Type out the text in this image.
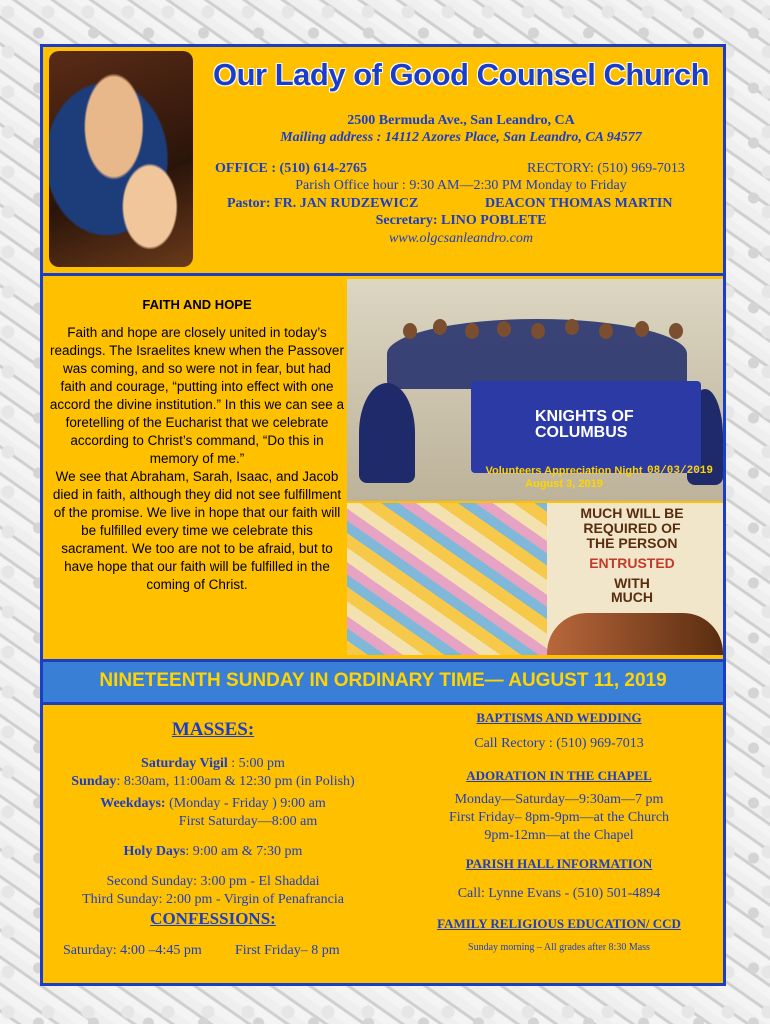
Our Lady of Good Counsel Church
2500 Bermuda Ave., San Leandro, CA
Mailing address : 14112 Azores Place, San Leandro, CA 94577
OFFICE : (510) 614-2765	RECTORY: (510) 969-7013
Parish Office hour : 9:30 AM—2:30 PM Monday to Friday
Pastor: FR. JAN RUDZEWICZ	DEACON THOMAS MARTIN
Secretary: LINO POBLETE
www.olgcsanleandro.com
FAITH AND HOPE

Faith and hope are closely united in today’s readings. The Israelites knew when the Passover was coming, and so were not in fear, but had faith and courage, “putting into effect with one accord the divine institution.” In this we can see a foretelling of the Eucharist that we celebrate according to Christ’s command, “Do this in memory of me.”

We see that Abraham, Sarah, Isaac, and Jacob died in faith, although they did not see fulfillment of the promise. We live in hope that our faith will be fulfilled every time we celebrate this sacrament. We too are not to be afraid, but to have hope that our faith will be fulfilled in the coming of Christ.

KNIGHTS OF COLUMBUS
Volunteers Appreciation Night
August 3, 2019
08/03/2019
MUCH WILL BE
REQUIRED OF
THE PERSON
ENTRUSTED
WITH
MUCH
NINETEENTH SUNDAY IN ORDINARY TIME— AUGUST 11, 2019
MASSES:
Saturday Vigil : 5:00 pm
Sunday: 8:30am, 11:00am & 12:30 pm (in Polish)
Weekdays: (Monday - Friday ) 9:00 am
First Saturday—8:00 am
Holy Days: 9:00 am & 7:30 pm
Second Sunday: 3:00 pm - El Shaddai
Third Sunday: 2:00 pm - Virgin of Penafrancia
CONFESSIONS:
Saturday: 4:00 –4:45 pm First Friday– 8 pm
BAPTISMS AND WEDDING
Call Rectory : (510) 969-7013
ADORATION IN THE CHAPEL
Monday—Saturday—9:30am—7 pm
First Friday– 8pm-9pm—at the Church
9pm-12mn—at the Chapel
PARISH HALL INFORMATION
Call: Lynne Evans - (510) 501-4894
FAMILY RELIGIOUS EDUCATION/ CCD
Sunday morning – All grades after 8:30 Mass
